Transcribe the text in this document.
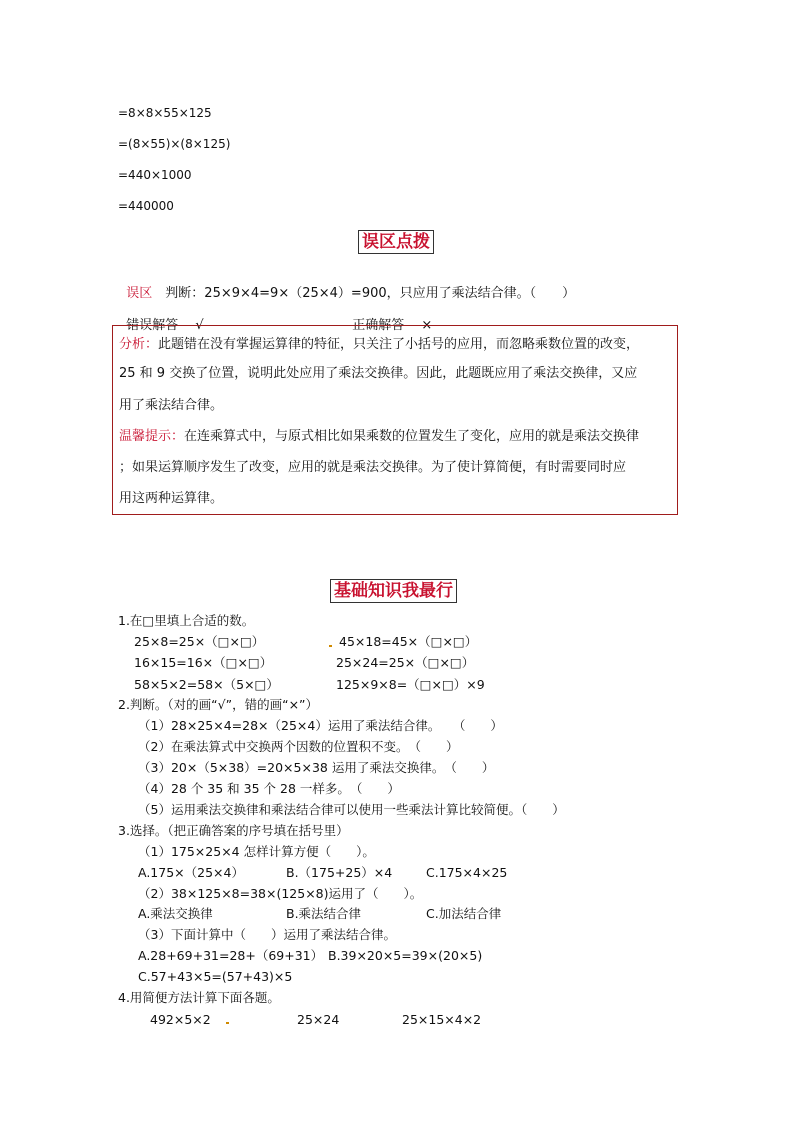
=8×8×55×125
=(8×55)×(8×125)
=440×1000
=440000
误区点拨

误区　 判断：25×9×4=9×（25×4）=900，只应用了乘法结合律。（　　）

错误解答　 √	正确解答　 ×

分析：此题错在没有掌握运算律的特征，只关注了小括号的应用，而忽略乘数位置的改变，
25 和 9 交换了位置，说明此处应用了乘法交换律。因此，此题既应用了乘法交换律，又应
用了乘法结合律。
温馨提示：在连乘算式中，与原式相比如果乘数的位置发生了变化，应用的就是乘法交换律
；如果运算顺序发生了改变，应用的就是乘法交换律。为了使计算简便，有时需要同时应
用这两种运算律。
基础知识我最行
1.在□里填上合适的数。
25×8=25×（□×□）	45×18=45×（□×□）
16×15=16×（□×□）	25×24=25×（□×□）
58×5×2=58×（5×□）	125×9×8=（□×□）×9
2.判断。（对的画“√”，错的画“×”）
（1）28×25×4=28×（25×4）运用了乘法结合律。　　（　　）
（2）在乘法算式中交换两个因数的位置积不变。　（　　）
（3）20×（5×38）=20×5×38 运用了乘法交换律。　（　　）
（4）28 个 35 和 35 个 28 一样多。　（　　）
（5）运用乘法交换律和乘法结合律可以使用一些乘法计算比较简便。（　　）
3.选择。（把正确答案的序号填在括号里）
（1）175×25×4 怎样计算方便（　　）。
A.175×（25×4）	B.（175+25）×4	C.175×4×25
（2）38×125×8=38×(125×8)运用了（　　）。
A.乘法交换律	B.乘法结合律	C.加法结合律
（3）下面计算中（　　）运用了乘法结合律。
A.28+69+31=28+（69+31） B.39×20×5=39×(20×5)
C.57+43×5=(57+43)×5
4.用简便方法计算下面各题。
492×5×2	25×24	25×15×4×2
